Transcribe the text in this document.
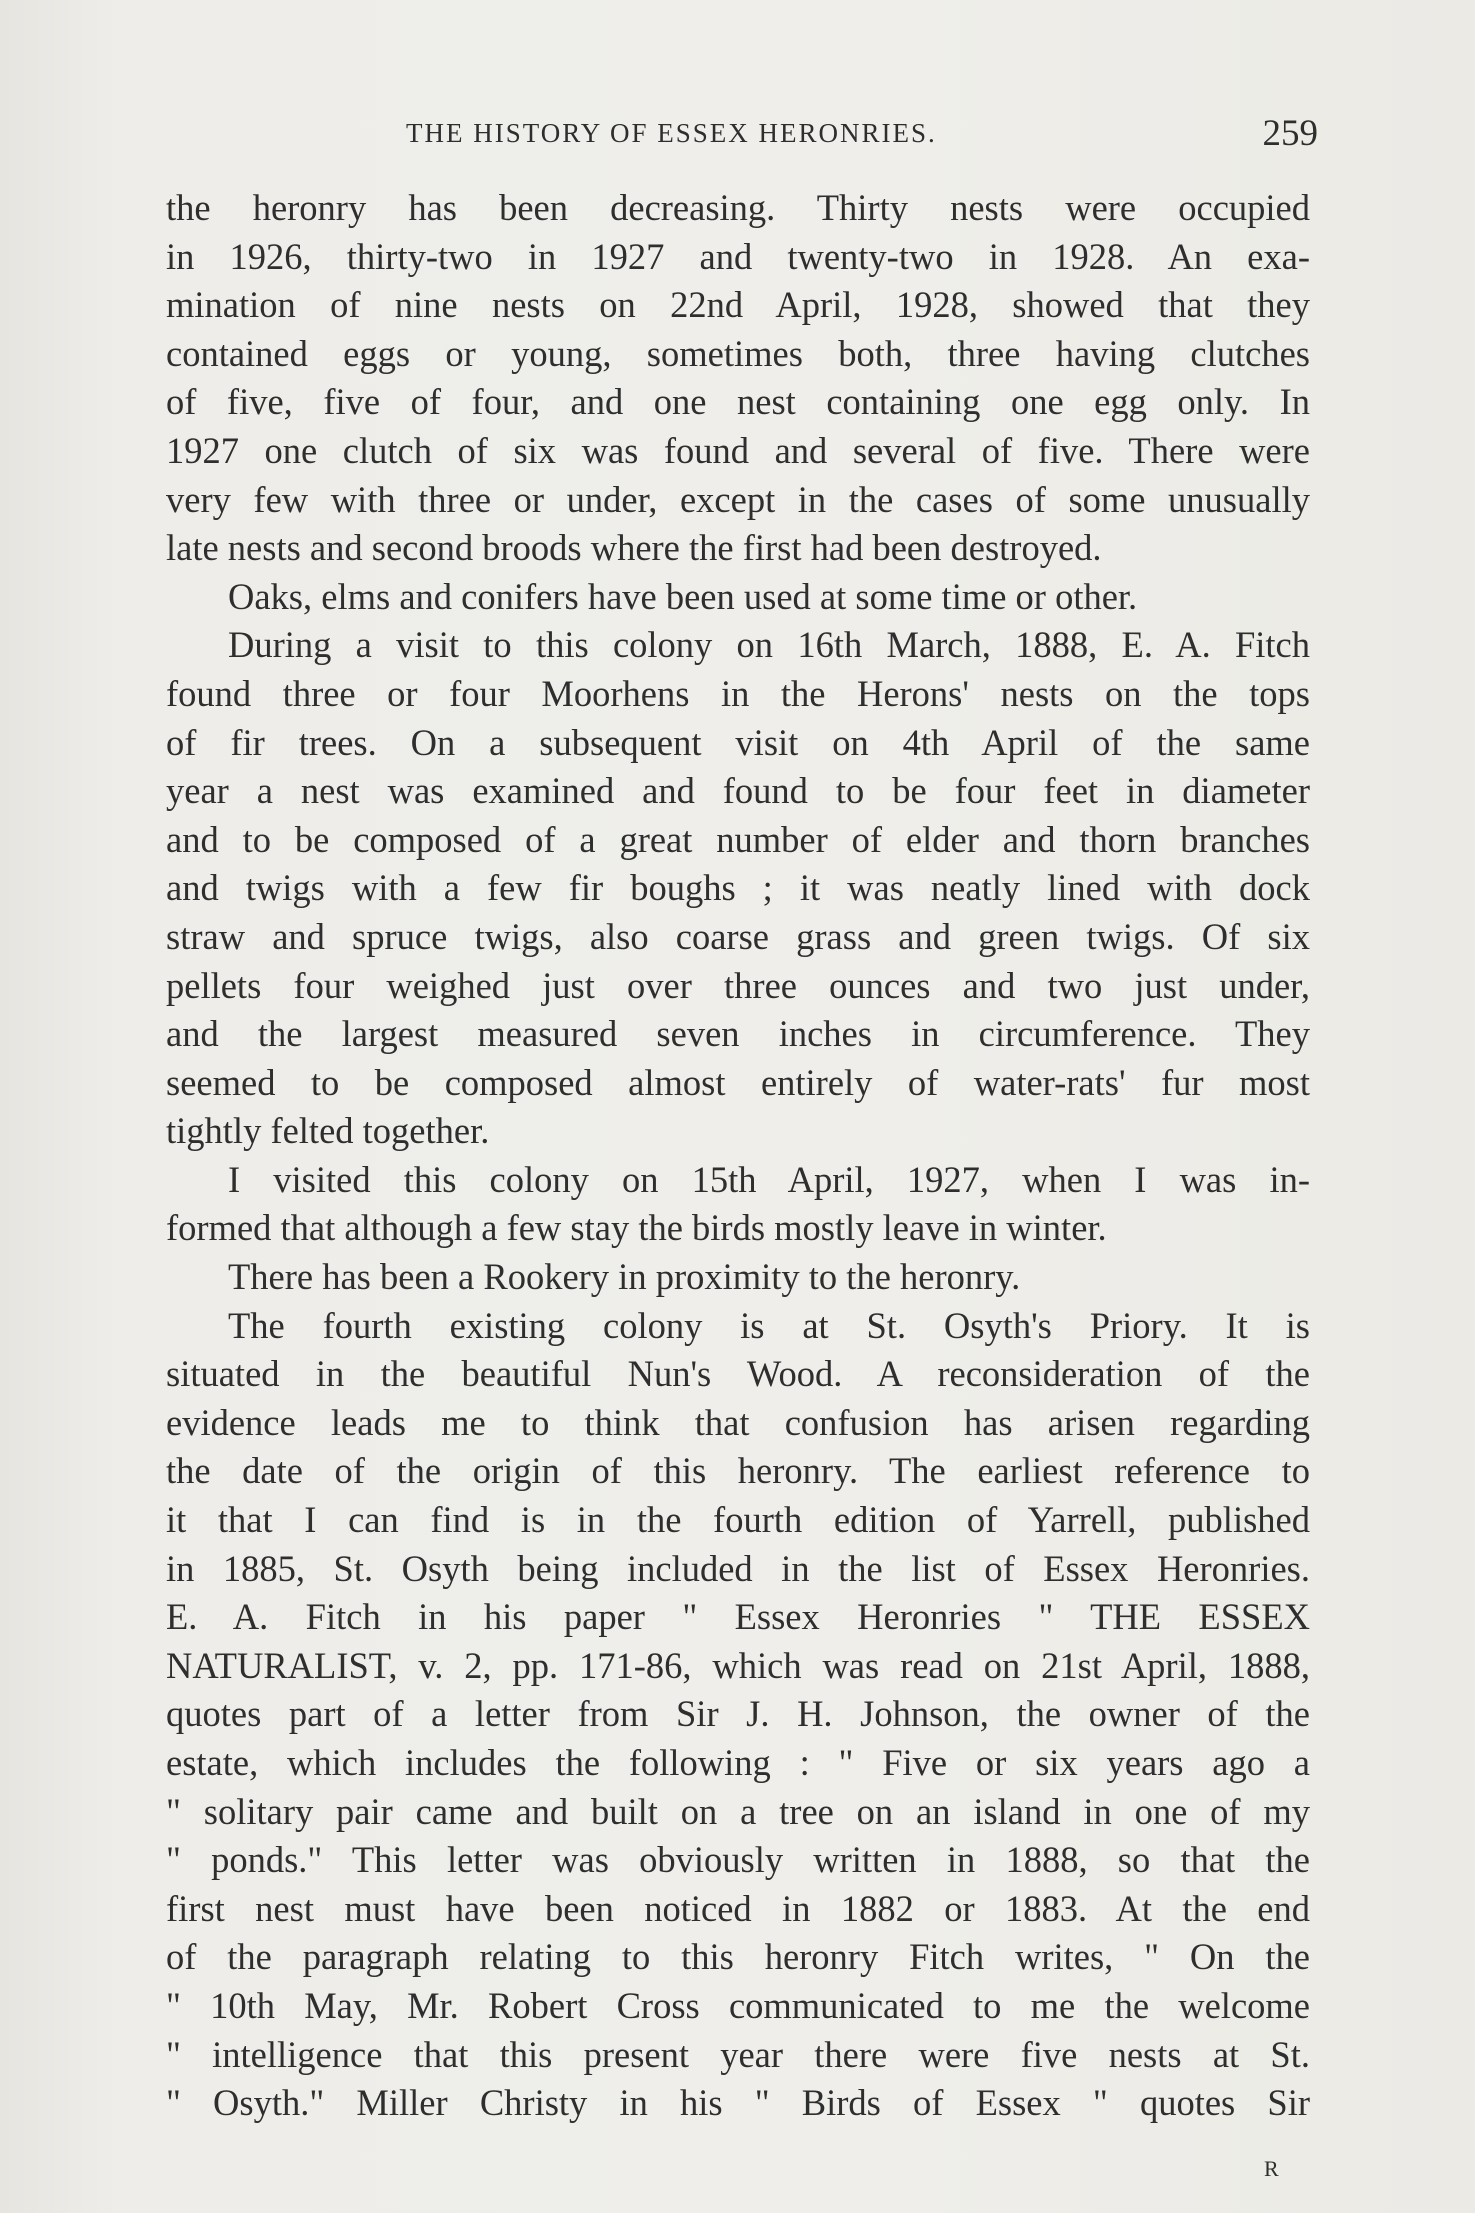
THE HISTORY OF ESSEX HERONRIES.	259
the heronry has been decreasing. Thirty nests were occupied
in 1926, thirty-two in 1927 and twenty-two in 1928. An exa-
mination of nine nests on 22nd April, 1928, showed that they
contained eggs or young, sometimes both, three having clutches
of five, five of four, and one nest containing one egg only. In
1927 one clutch of six was found and several of five. There were
very few with three or under, except in the cases of some unusually
late nests and second broods where the first had been destroyed.
Oaks, elms and conifers have been used at some time or other.
During a visit to this colony on 16th March, 1888, E. A. Fitch
found three or four Moorhens in the Herons' nests on the tops
of fir trees. On a subsequent visit on 4th April of the same
year a nest was examined and found to be four feet in diameter
and to be composed of a great number of elder and thorn branches
and twigs with a few fir boughs ; it was neatly lined with dock
straw and spruce twigs, also coarse grass and green twigs. Of six
pellets four weighed just over three ounces and two just under,
and the largest measured seven inches in circumference. They
seemed to be composed almost entirely of water-rats' fur most
tightly felted together.
I visited this colony on 15th April, 1927, when I was in-
formed that although a few stay the birds mostly leave in winter.
There has been a Rookery in proximity to the heronry.
The fourth existing colony is at St. Osyth's Priory. It is
situated in the beautiful Nun's Wood. A reconsideration of the
evidence leads me to think that confusion has arisen regarding
the date of the origin of this heronry. The earliest reference to
it that I can find is in the fourth edition of Yarrell, published
in 1885, St. Osyth being included in the list of Essex Heronries.
E. A. Fitch in his paper " Essex Heronries " THE ESSEX
NATURALIST, v. 2, pp. 171-86, which was read on 21st April, 1888,
quotes part of a letter from Sir J. H. Johnson, the owner of the
estate, which includes the following : " Five or six years ago a
" solitary pair came and built on a tree on an island in one of my
" ponds." This letter was obviously written in 1888, so that the
first nest must have been noticed in 1882 or 1883. At the end
of the paragraph relating to this heronry Fitch writes, " On the
" 10th May, Mr. Robert Cross communicated to me the welcome
" intelligence that this present year there were five nests at St.
" Osyth." Miller Christy in his " Birds of Essex " quotes Sir
R
